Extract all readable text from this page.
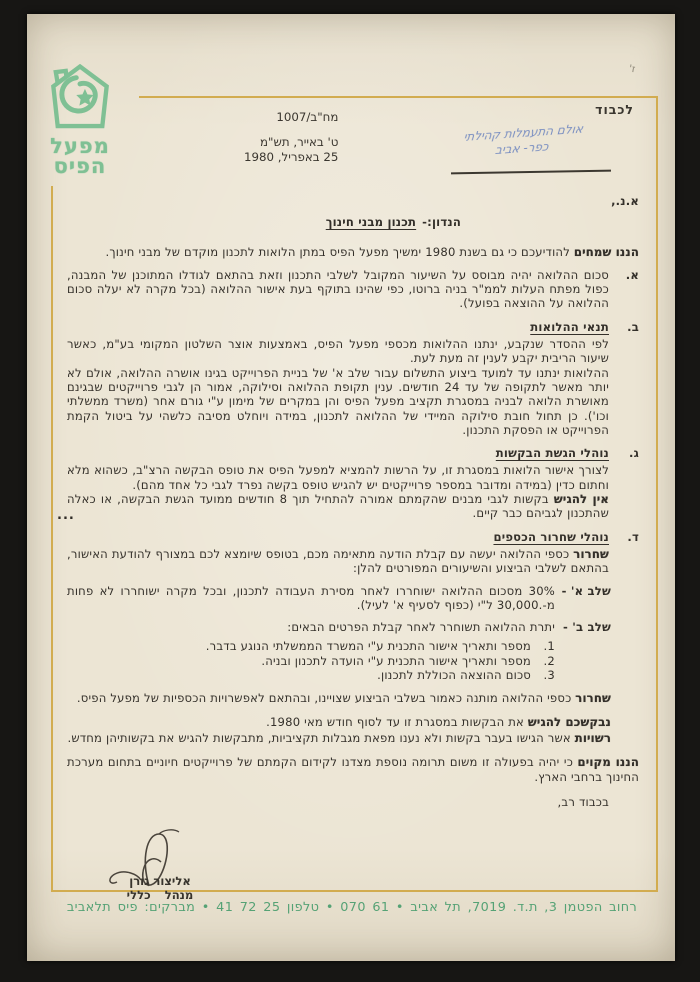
מפעל
הפיס
ז'
לכבוד
מח"ב/1007
ט' באייר, תש"מ
25 באפריל, 1980
אולם התעמלות קהילתי
כפר- אביב
...

א.נ.,

הנדון:-תכנון מבני חינוך

הננו שמחים להודיעכם כי גם בשנת 1980 ימשיך מפעל הפיס במתן הלואות לתכנון מוקדם של מבני חינוך.

א.

סכום ההלואה יהיה מבוסס על השיעור המקובל לשלבי התכנון וזאת בהתאם לגודלו המתוכנן של המבנה, כפול מפתח העלות לממ"ר בניה ברוטו, כפי שהינו בתוקף בעת אישור ההלואה (בכל מקרה לא יעלה סכום ההלואה על ההוצאה בפועל).

ב.

תנאי ההלואות

לפי ההסדר שנקבע, ינתנו ההלואות מכספי מפעל הפיס, באמצעות אוצר השלטון המקומי בע"מ, כאשר שיעור הריבית יקבע לענין זה מעת לעת.

ההלואות ינתנו עד למועד ביצוע התשלום עבור שלב א' של בניית הפרוייקט בגינו אושרה ההלואה, אולם לא יותר מאשר לתקופה של עד 24 חודשים. ענין תקופת ההלואה וסילוקה, אמור הן לגבי פרוייקטים שבגינם מאושרת הלואה לבניה במסגרת תקציב מפעל הפיס והן במקרים של מימון ע"י גורם אחר (משרד ממשלתי וכו'). כן תחול חובת סילוקה המיידי של ההלואה לתכנון, במידה ויוחלט מסיבה כלשהי על ביטול הקמת הפרוייקט או הפסקת התכנון.

ג.

נוהלי הגשת הבקשות

לצורך אישור הלואות במסגרת זו, על הרשות להמציא למפעל הפיס את טופס הבקשה הרצ"ב, כשהוא מלא וחתום כדין (במידה ומדובר במספר פרוייקטים יש להגיש טופס בקשה נפרד לגבי כל אחד מהם).

אין להגיש בקשות לגבי מבנים שהקמתם אמורה להתחיל תוך 8 חודשים ממועד הגשת הבקשה, או כאלה שהתכנון לגביהם כבר קיים.

ד.

נוהלי שחרור הכספים

שחרור כספי ההלואה יעשה עם קבלת הודעה מתאימה מכם, בטופס שיומצא לכם במצורף להודעת האישור, בהתאם לשלבי הביצוע והשיעורים המפורטים להלן:

שלב א' -
30% מסכום ההלואה ישוחררו לאחר מסירת העבודה לתכנון, ובכל מקרה ישוחררו לא פחות מ-.30,000 ל"י (כפוף לסעיף א' לעיל).
שלב ב' -
יתרת ההלואה תשוחרר לאחר קבלת הפרטים הבאים:
1.
מספר ותאריך אישור התכנית ע"י המשרד הממשלתי הנוגע בדבר.
2.
מספר ותאריך אישור התכנית ע"י הועדה לתכנון ובניה.
3.
סכום ההוצאה הכוללת לתכנון.

שחרור כספי ההלואה מותנה כאמור בשלבי הביצוע שצויינו, ובהתאם לאפשרויות הכספיות של מפעל הפיס.

נבקשכם להגיש את הבקשות במסגרת זו עד לסוף חודש מאי 1980.

רשויות אשר הגישו בעבר בקשות ולא נענו מפאת מגבלות תקציביות, מתבקשות להגיש את בקשותיהן מחדש.

הננו מקוים כי יהיה בפעולה זו משום תרומה נוספת מצדנו לקידום הקמתם של פרוייקטים חיוניים בתחום מערכת החינוך ברחבי הארץ.

בכבוד רב,

אליצור גורן
מנהל כללי
רחוב הפטמן 3, ת.ד. 7019, תל אביב • 61 070 • טלפון 25 72 41 • מברקים: פיס תלאביב
